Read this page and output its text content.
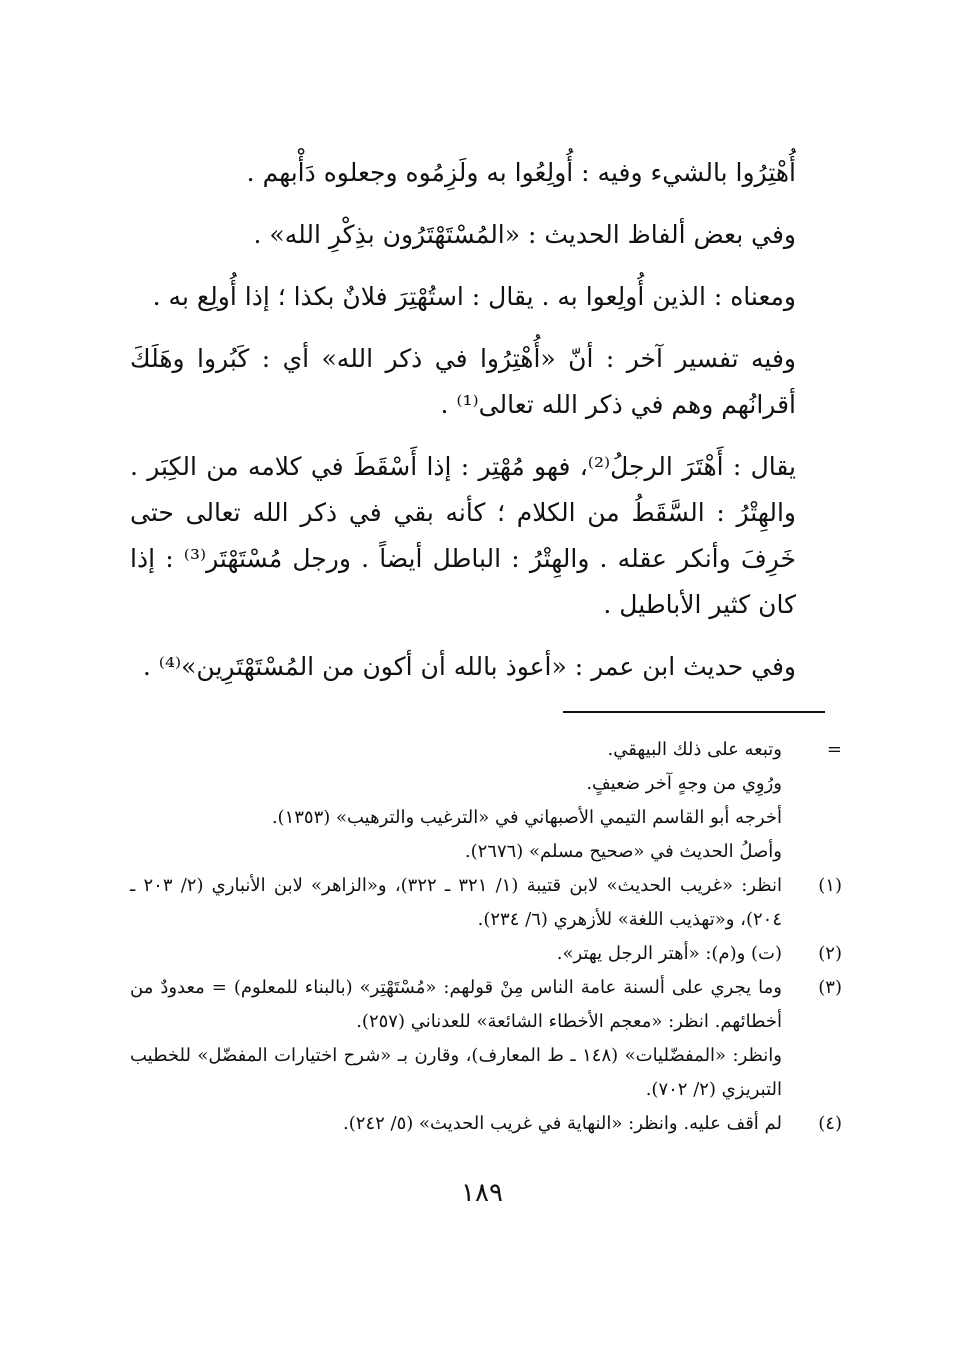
أُهْتِرُوا بالشيء وفيه : أُولِعُوا به ولَزِمُوه وجعلوه دَأْبهم .

وفي بعض ألفاظ الحديث : «المُسْتَهْتَرُون بذِكْرِ الله» .

ومعناه : الذين أُولِعوا به . يقال : استُهْتِرَ فلانٌ بكذا ؛ إذا أُولِع به .

وفيه تفسير آخر : أنّ «أُهْتِرُوا في ذكر الله» أي : كَبُروا وهَلَكَ أقرانُهم وهم في ذكر الله تعالى⁽¹⁾ .

يقال : أَهْتَرَ الرجلُ⁽²⁾، فهو مُهْتِر : إذا أَسْقَطَ في كلامه من الكِبَر . والهِتْرُ : السَّقَطُ من الكلام ؛ كأنه بقي في ذكر الله تعالى حتى خَرِفَ وأنكر عقله . والهِتْرُ : الباطل أيضاً . ورجل مُسْتَهْتَر⁽³⁾ : إذا كان كثير الأباطيل .

وفي حديث ابن عمر : «أعوذ بالله أن أكون من المُسْتَهْتَرِين»⁽⁴⁾ .

=
وتبعه على ذلك البيهقي.
ورُوِي من وجهٍ آخر ضعيفٍ.
أخرجه أبو القاسم التيمي الأصبهاني في «الترغيب والترهيب» (١٣٥٣).
وأصلُ الحديث في «صحيح مسلم» (٢٦٧٦).
(١)
انظر: «غريب الحديث» لابن قتيبة (١/ ٣٢١ ـ ٣٢٢)، و«الزاهر» لابن الأنباري (٢/ ٢٠٣ ـ ٢٠٤)، و«تهذيب اللغة» للأزهري (٦/ ٢٣٤).
(٢)
(ت) و(م): «أهتر الرجل يهتر».
(٣)
وما يجري على ألسنة عامة الناس مِنْ قولهم: «مُسْتَهْتِر» (بالبناء للمعلوم) = معدودٌ من أخطائهم. انظر: «معجم الأخطاء الشائعة» للعدناني (٢٥٧).
وانظر: «المفضّليات» (١٤٨ ـ ط المعارف)، وقارن بـ «شرح اختيارات المفضّل» للخطيب التبريزي (٢/ ٧٠٢).
(٤)
لم أقف عليه. وانظر: «النهاية في غريب الحديث» (٥/ ٢٤٢).
١٨٩
